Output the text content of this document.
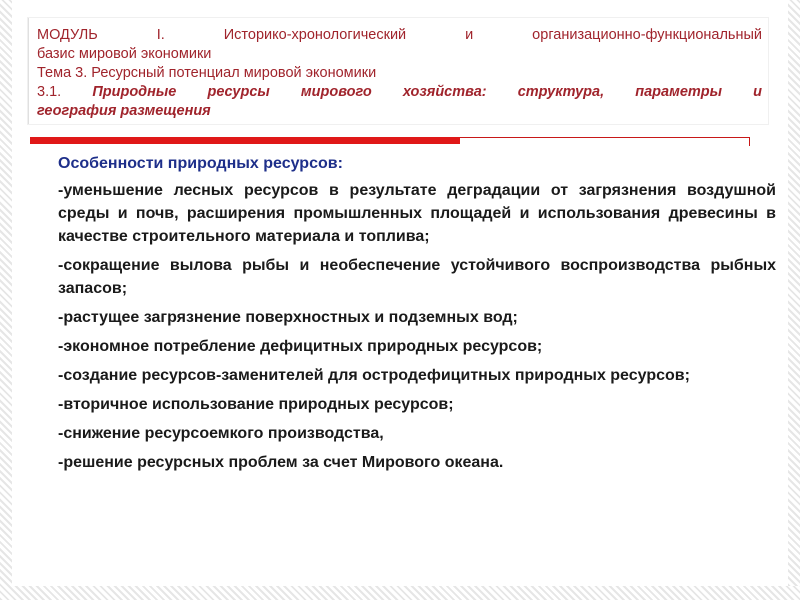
МОДУЛЬ I. Историко-хронологический и организационно-функциональный

базис мировой экономики

Тема 3. Ресурсный потенциал мировой экономики

3.1. Природные ресурсы мирового хозяйства: структура, параметры и

география размещения

Особенности природных ресурсов:

-уменьшение лесных ресурсов в результате деградации от загрязнения воздушной среды и почв, расширения промышленных площадей и использования древесины в качестве строительного материала и топлива;

-сокращение вылова рыбы и необеспечение устойчивого воспроизводства рыбных запасов;

-растущее загрязнение поверхностных и подземных вод;

-экономное потребление дефицитных природных ресурсов;

-создание ресурсов-заменителей для остродефицитных природных ресурсов;

-вторичное использование природных ресурсов;

-снижение ресурсоемкого производства,

-решение ресурсных проблем за счет Мирового океана.
